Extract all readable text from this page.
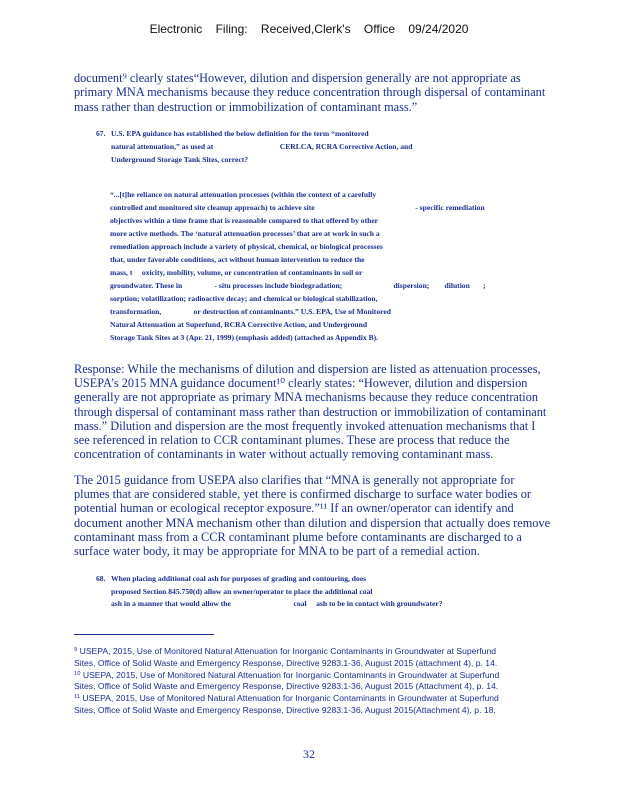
Electronic Filing: Received,Clerk's Office 09/24/2020
document⁹ clearly states“However, dilution and dispersion generally are not appropriate as
primary MNA mechanisms because they reduce concentration through dispersal of contaminant
mass rather than destruction or immobilization of contaminant mass.”
67. U.S. EPA guidance has established the below definition for the term “monitored
natural attenuation,” as used at                                   CERLCA, RCRA Corrective Action, and
Underground Storage Tank Sites, correct?
“...[t]he reliance on natural attenuation processes (within the context of a carefully
controlled and monitored site cleanup approach) to achieve site                                                     - specific remediation
objectives within a time frame that is reasonable compared to that offered by other
more active methods. The ‘natural attenuation processes’ that are at work in such a
remediation approach include a variety of physical, chemical, or biological processes
that, under favorable conditions, act without human intervention to reduce the
mass, t     oxicity, mobility, volume, or concentration of contaminants in soil or
groundwater. These in                 - situ processes include biodegradation;                           dispersion;        dilution       ;
sorption; volatilization; radioactive decay; and chemical or biological stabilization,
transformation,                 or destruction of contaminants.” U.S. EPA, Use of Monitored
Natural Attenuation at Superfund, RCRA Corrective Action, and Underground
Storage Tank Sites at 3 (Apr. 21, 1999) (emphasis added) (attached as Appendix B).
Response: While the mechanisms of dilution and dispersion are listed as attenuation processes,
USEPA’s 2015 MNA guidance document¹⁰ clearly states: “However, dilution and dispersion
generally are not appropriate as primary MNA mechanisms because they reduce concentration
through dispersal of contaminant mass rather than destruction or immobilization of contaminant
mass.” Dilution and dispersion are the most frequently invoked attenuation mechanisms that I
see referenced in relation to CCR contaminant plumes. These are process that reduce the
concentration of contaminants in water without actually removing contaminant mass.
The 2015 guidance from USEPA also clarifies that “MNA is generally not appropriate for
plumes that are considered stable, yet there is confirmed discharge to surface water bodies or
potential human or ecological receptor exposure.”¹¹ If an owner/operator can identify and
document another MNA mechanism other than dilution and dispersion that actually does remove
contaminant mass from a CCR contaminant plume before contaminants are discharged to a
surface water body, it may be appropriate for MNA to be part of a remedial action.
68. When placing additional coal ash for purposes of grading and contouring, does
proposed Section 845.750(d) allow an owner/operator to place the additional coal
ash in a manner that would allow the                                 coal     ash to be in contact with groundwater?
$^9$ USEPA, 2015, Use of Monitored Natural Attenuation for Inorganic Contaminants in Groundwater at Superfund
Sites, Office of Solid Waste and Emergency Response, Directive 9283.1-36, August 2015 (attachment 4), p. 14.
$^{10}$ USEPA, 2015, Use of Monitored Natural Attenuation for Inorganic Contaminants in Groundwater at Superfund
Sites, Office of Solid Waste and Emergency Response, Directive 9283.1-36, August 2015 (Attachment 4), p. 14.
$^{11}$ USEPA, 2015, Use of Monitored Natural Attenuation for Inorganic Contaminants in Groundwater at Superfund
Sites, Office of Solid Waste and Emergency Response, Directive 9283.1-36, August 2015(Attachment 4), p. 18.
32
